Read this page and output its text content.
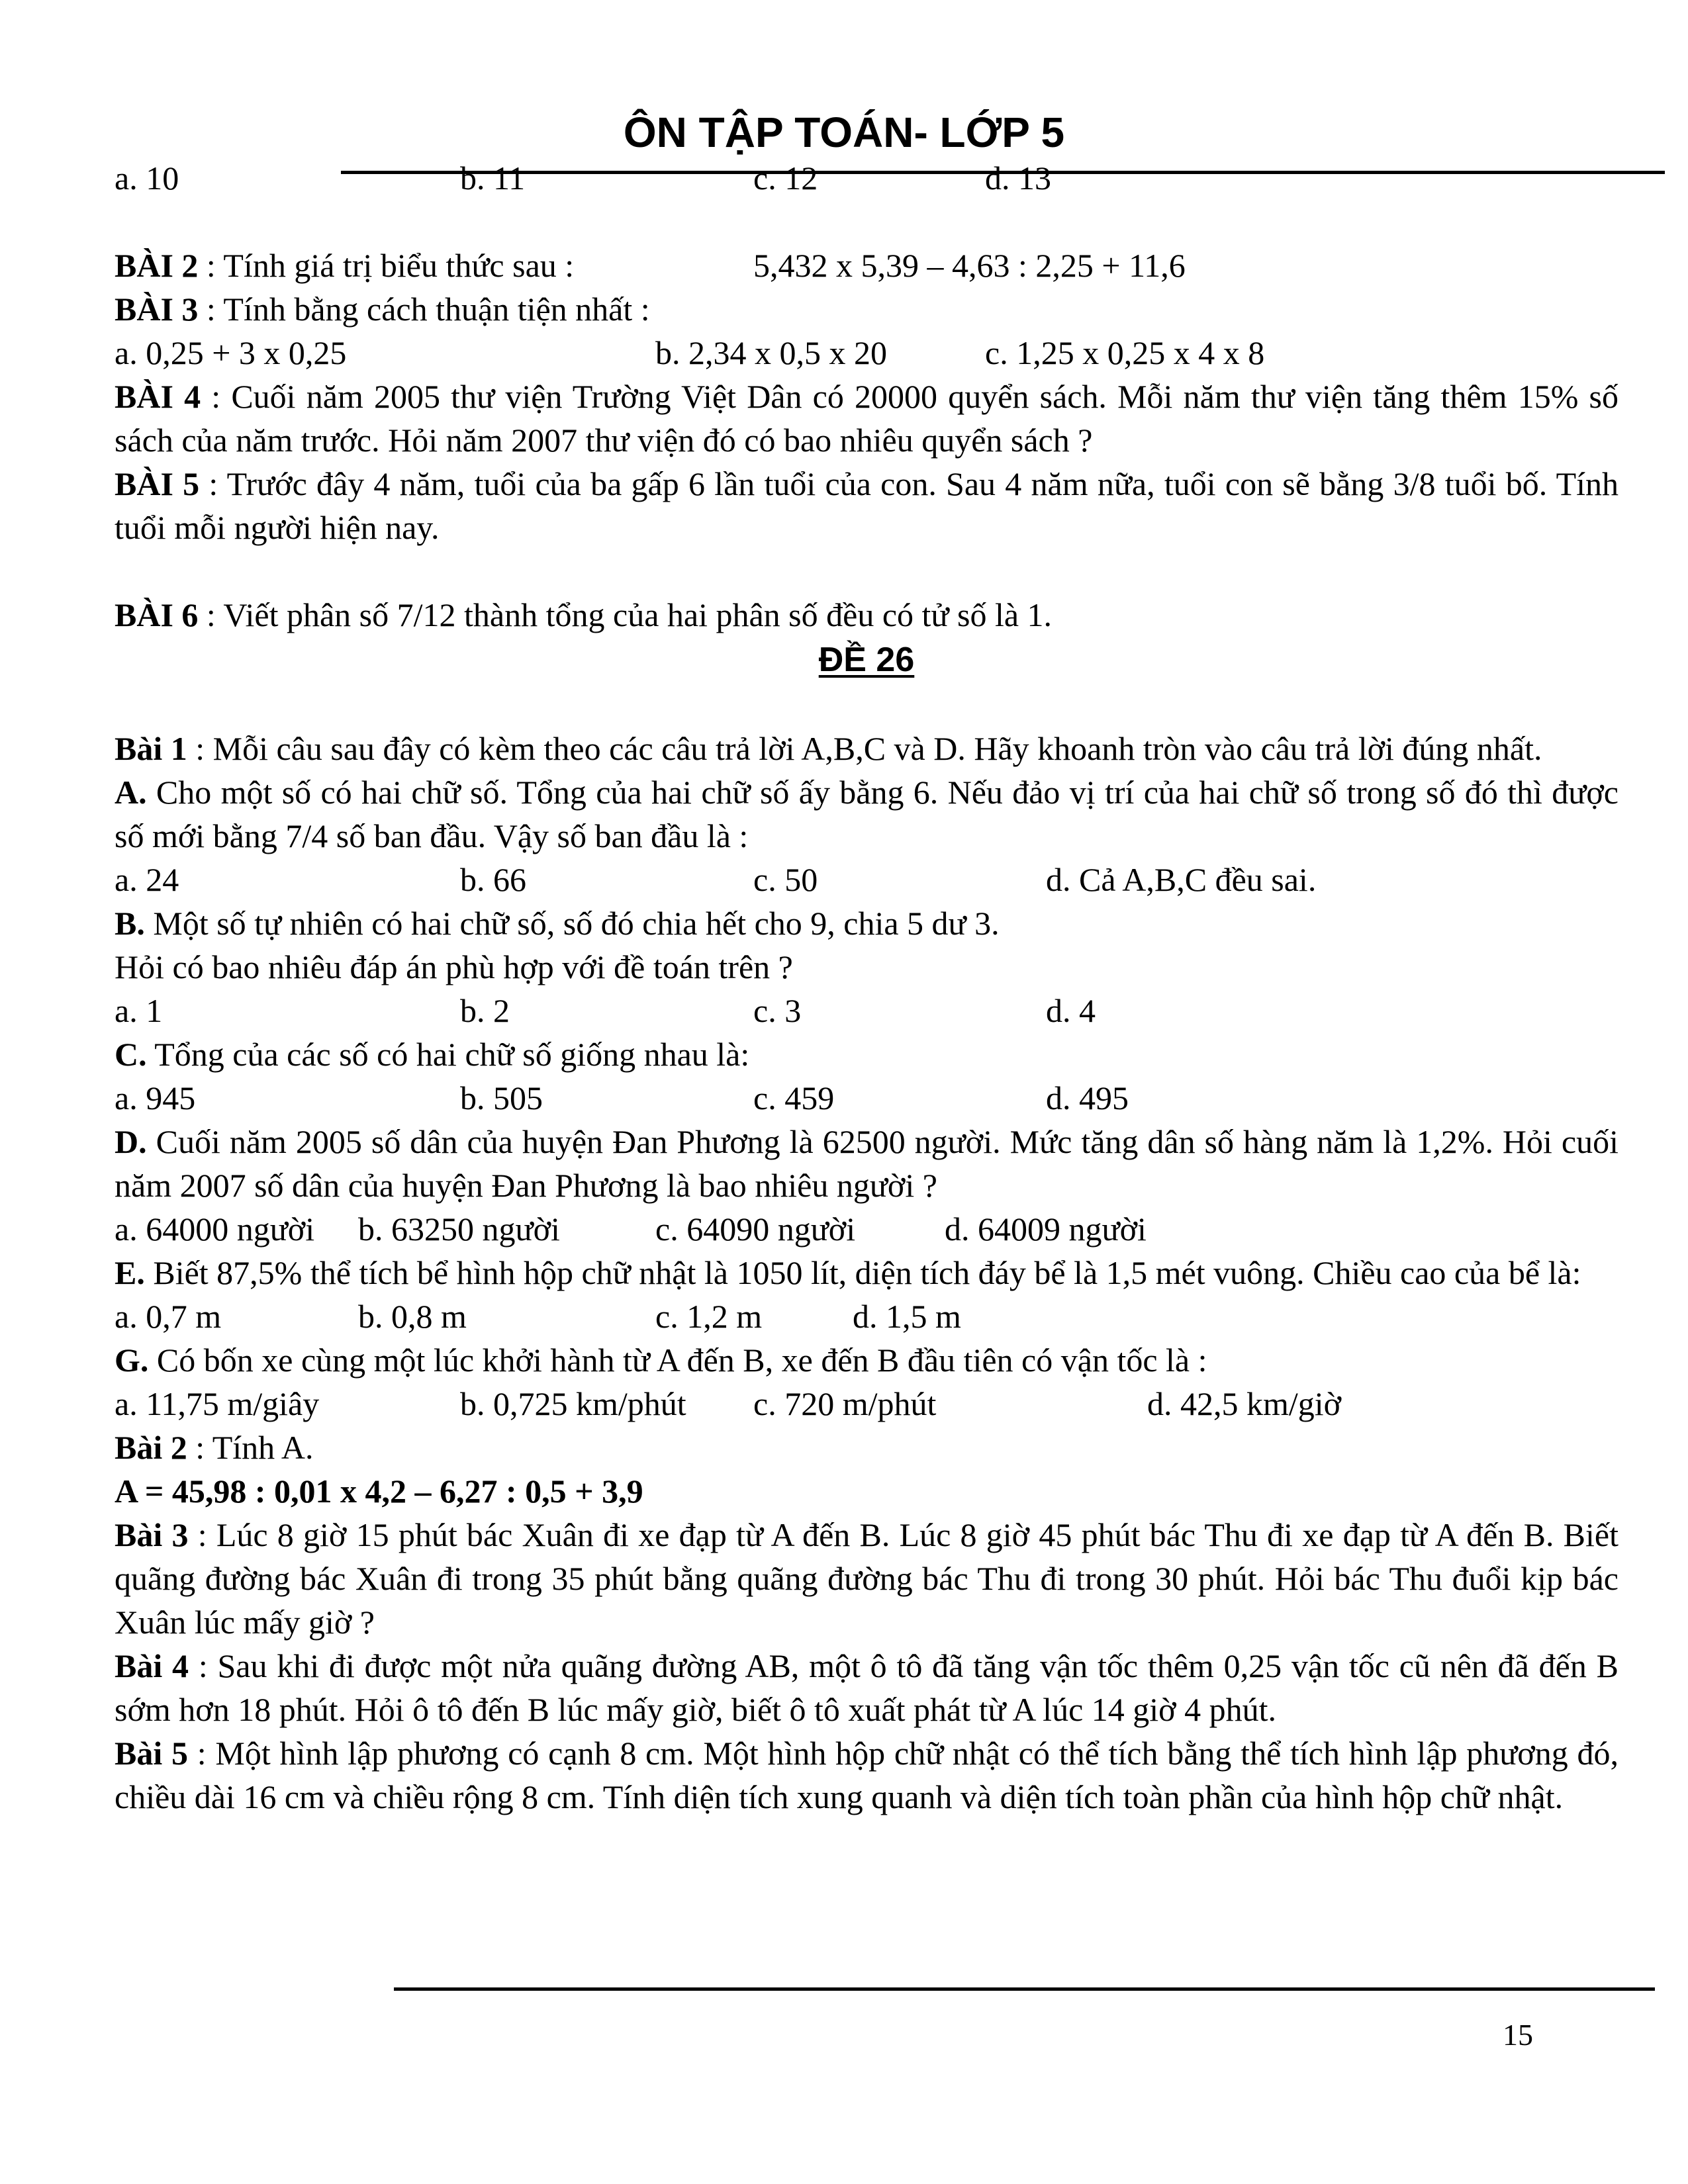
ÔN TẬP TOÁN- LỚP 5
a. 10	b. 11	c. 12	d. 13
BÀI 2 : Tính giá trị biểu thức sau :	5,432 x 5,39 – 4,63 : 2,25 + 11,6
BÀI 3 : Tính bằng cách thuận tiện nhất :
a. 0,25 + 3 x 0,25	b. 2,34 x 0,5 x 20	c. 1,25 x 0,25 x 4 x 8
BÀI 4 : Cuối năm 2005 thư viện Trường Việt Dân có 20000 quyển sách. Mỗi năm thư viện tăng thêm 15% số sách của năm trước. Hỏi năm 2007 thư viện đó có bao nhiêu quyển sách ?
BÀI 5 : Trước đây 4 năm, tuổi của ba gấp 6 lần tuổi của con. Sau 4 năm nữa, tuổi con sẽ bằng 3/8 tuổi bố. Tính tuổi mỗi người hiện nay.
BÀI 6 : Viết phân số 7/12 thành tổng của hai phân số đều có tử số là 1.
ĐỀ 26
Bài 1 : Mỗi câu sau đây có kèm theo các câu trả lời A,B,C và D. Hãy khoanh tròn vào câu trả lời đúng nhất.
A. Cho một số có hai chữ số. Tổng của hai chữ số ấy bằng 6. Nếu đảo vị trí của hai chữ số trong số đó thì được số mới bằng 7/4 số ban đầu. Vậy số ban đầu là :
a. 24	b. 66	c. 50	d. Cả A,B,C đều sai.
B. Một số tự nhiên có hai chữ số, số đó chia hết cho 9, chia 5 dư 3.
Hỏi có bao nhiêu đáp án phù hợp với đề toán trên ?
a. 1	b. 2	c. 3	d. 4
C. Tổng của các số có hai chữ số giống nhau là:
a. 945	b. 505	c. 459	d. 495
D. Cuối năm 2005 số dân của huyện Đan Phương là 62500 người. Mức tăng dân số hàng năm là 1,2%. Hỏi cuối năm 2007 số dân của huyện Đan Phương là bao nhiêu người ?
a. 64000 người b. 63250 người	c. 64090 người	d. 64009 người
E. Biết 87,5% thể tích bể hình hộp chữ nhật là 1050 lít, diện tích đáy bể là 1,5 mét vuông. Chiều cao của bể là:
a. 0,7 m	b. 0,8 m	c. 1,2 m	d. 1,5 m
G. Có bốn xe cùng một lúc khởi hành từ A đến B, xe đến B đầu tiên có vận tốc là :
a. 11,75 m/giây	b. 0,725 km/phút c. 720 m/phút	d. 42,5 km/giờ
Bài 2 : Tính A.
A = 45,98 : 0,01 x 4,2 – 6,27 : 0,5 + 3,9
Bài 3 : Lúc 8 giờ 15 phút bác Xuân đi xe đạp từ A đến B. Lúc 8 giờ 45 phút bác Thu đi xe đạp từ A đến B. Biết quãng đường bác Xuân đi trong 35 phút bằng quãng đường bác Thu đi trong 30 phút. Hỏi bác Thu đuổi kịp bác Xuân lúc mấy giờ ?
Bài 4 : Sau khi đi được một nửa quãng đường AB, một ô tô đã tăng vận tốc thêm 0,25 vận tốc cũ nên đã đến B sớm hơn 18 phút. Hỏi ô tô đến B lúc mấy giờ, biết ô tô xuất phát từ A lúc 14 giờ 4 phút.
Bài 5 : Một hình lập phương có cạnh 8 cm. Một hình hộp chữ nhật có thể tích bằng thể tích hình lập phương đó, chiều dài 16 cm và chiều rộng 8 cm. Tính diện tích xung quanh và diện tích toàn phần của hình hộp chữ nhật.
15
